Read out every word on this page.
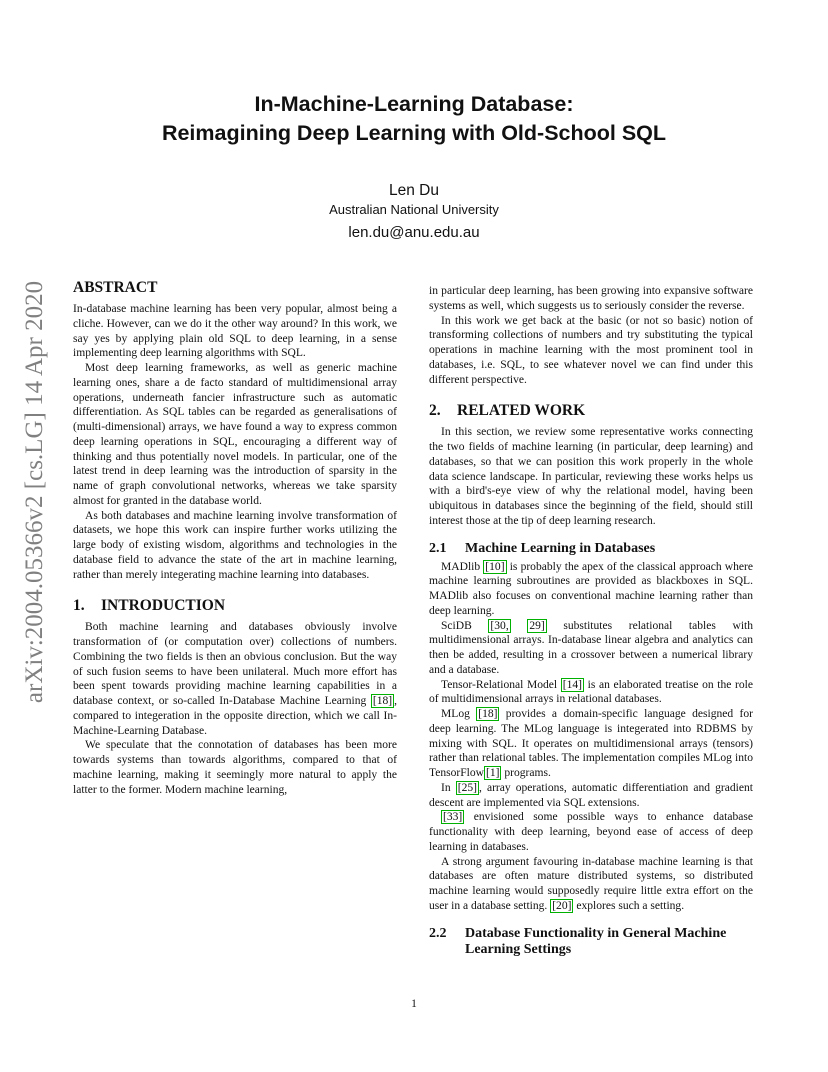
In-Machine-Learning Database:
Reimagining Deep Learning with Old-School SQL
Len Du
Australian National University
len.du@anu.edu.au
arXiv:2004.05366v2 [cs.LG] 14 Apr 2020 ABSTRACT

In-database machine learning has been very popular, almost being a cliche. However, can we do it the other way around? In this work, we say yes by applying plain old SQL to deep learning, in a sense implementing deep learning algorithms with SQL.

Most deep learning frameworks, as well as generic machine learning ones, share a de facto standard of multidimensional array operations, underneath fancier infrastructure such as automatic differentiation. As SQL tables can be regarded as generalisations of (multi-dimensional) arrays, we have found a way to express common deep learning operations in SQL, encouraging a different way of thinking and thus potentially novel models. In particular, one of the latest trend in deep learning was the introduction of sparsity in the name of graph convolutional networks, whereas we take sparsity almost for granted in the database world.

As both databases and machine learning involve transformation of datasets, we hope this work can inspire further works utilizing the large body of existing wisdom, algorithms and technologies in the database field to advance the state of the art in machine learning, rather than merely integerating machine learning into databases.

1. INTRODUCTION

Both machine learning and databases obviously involve transformation of (or computation over) collections of numbers. Combining the two fields is then an obvious conclusion. But the way of such fusion seems to have been unilateral. Much more effort has been spent towards providing machine learning capabilities in a database context, or so-called In-Database Machine Learning [18] , compared to integeration in the opposite direction, which we call In-Machine-Learning Database.

We speculate that the connotation of databases has been more towards systems than towards algorithms, compared to that of machine learning, making it seemingly more natural to apply the latter to the former. Modern machine learning,

in particular deep learning, has been growing into expansive software systems as well, which suggests us to seriously consider the reverse.

In this work we get back at the basic (or not so basic) notion of transforming collections of numbers and try substituting the typical operations in machine learning with the most prominent tool in databases, i.e. SQL, to see whatever novel we can find under this different perspective.

2. RELATED WORK

In this section, we review some representative works connecting the two fields of machine learning (in particular, deep learning) and databases, so that we can position this work properly in the whole data science landscape. In particular, reviewing these works helps us with a bird's-eye view of why the relational model, having been ubiquitous in databases since the beginning of the field, should still interest those at the tip of deep learning research.

2.1	Machine Learning in Databases

MADlib [10] is probably the apex of the classical approach where machine learning subroutines are provided as blackboxes in SQL. MADlib also focuses on conventional machine learning rather than deep learning.

SciDB [30, 29] substitutes relational tables with multidimensional arrays. In-database linear algebra and analytics can then be added, resulting in a crossover between a numerical library and a database.

Tensor-Relational Model [14] is an elaborated treatise on the role of multidimensional arrays in relational databases.

MLog [18] provides a domain-specific language designed for deep learning. The MLog language is integerated into RDBMS by mixing with SQL. It operates on multidimensional arrays (tensors) rather than relational tables. The implementation compiles MLog into TensorFlow [1] programs.

In [25] , array operations, automatic differentiation and gradient descent are implemented via SQL extensions.

[33] envisioned some possible ways to enhance database functionality with deep learning, beyond ease of access of deep learning in databases.

A strong argument favouring in-database machine learning is that databases are often mature distributed systems, so distributed machine learning would supposedly require little extra effort on the user in a database setting. [20] explores such a setting.

2.2	Database Functionality in General Machine
Learning Settings
1
